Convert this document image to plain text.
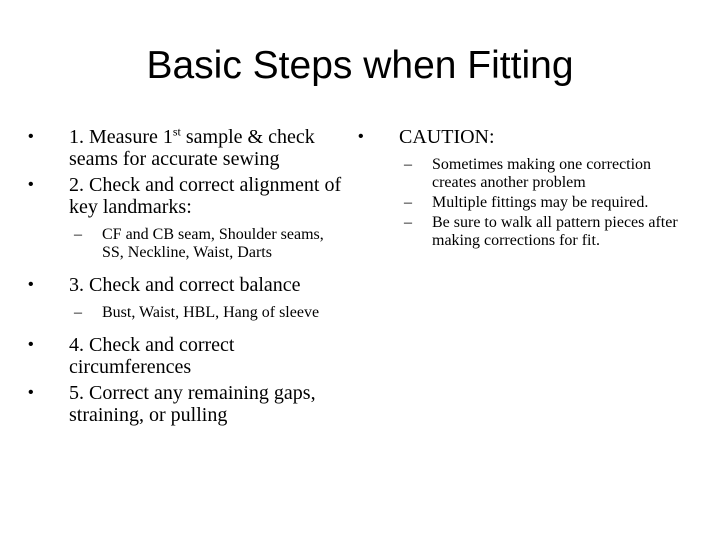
Basic Steps when Fitting
•	1. Measure 1st sample & check seams for accurate sewing
•	2. Check and correct alignment of key landmarks:
–	CF and CB seam, Shoulder seams, SS, Neckline, Waist, Darts
•	3. Check and correct balance
–	Bust, Waist, HBL, Hang of sleeve
•	4. Check and correct circumferences
•	5. Correct any remaining gaps, straining, or pulling
•	CAUTION:
–	Sometimes making one correction creates another problem
–	Multiple fittings may be required.
–	Be sure to walk all pattern pieces after making corrections for fit.
